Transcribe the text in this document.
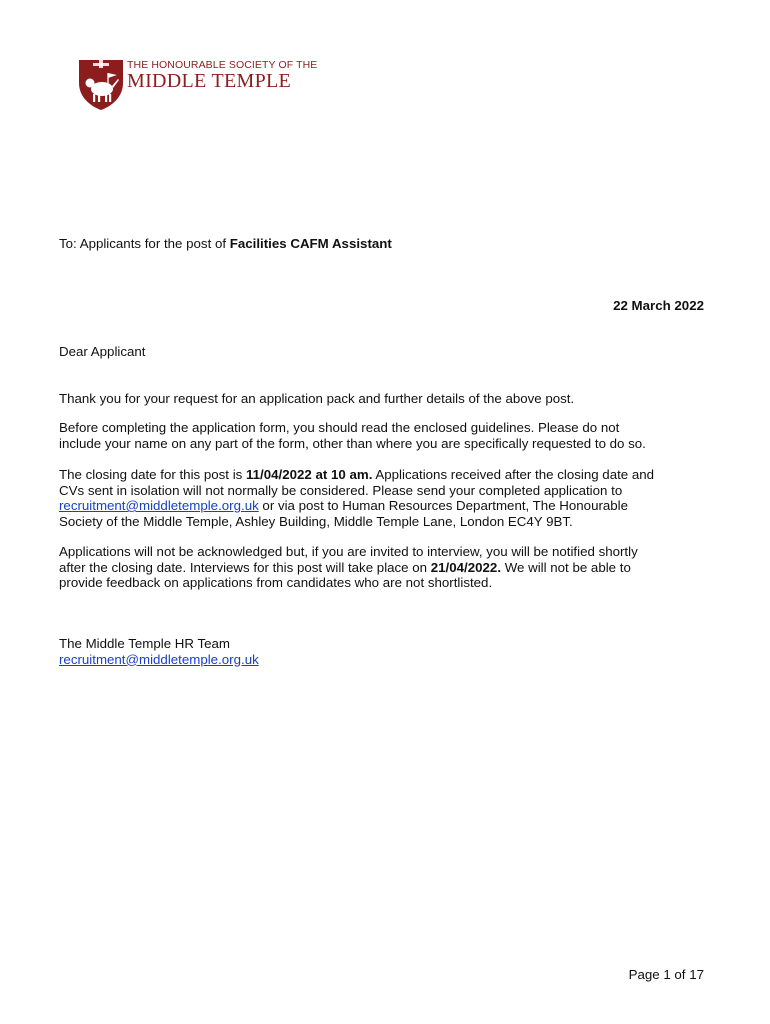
THE HONOURABLE SOCIETY OF THE
MIDDLE TEMPLE
To: Applicants for the post of Facilities CAFM Assistant
22 March 2022
Dear Applicant
Thank you for your request for an application pack and further details of the above post.

Before completing the application form, you should read the enclosed guidelines. Please do not

include your name on any part of the form, other than where you are specifically requested to do so.

The closing date for this post is 11/04/2022 at 10 am. Applications received after the closing date and

CVs sent in isolation will not normally be considered. Please send your completed application to

recruitment@middletemple.org.uk or via post to Human Resources Department, The Honourable

Society of the Middle Temple, Ashley Building, Middle Temple Lane, London EC4Y 9BT.

Applications will not be acknowledged but, if you are invited to interview, you will be notified shortly

after the closing date. Interviews for this post will take place on 21/04/2022. We will not be able to

provide feedback on applications from candidates who are not shortlisted.

The Middle Temple HR Team

recruitment@middletemple.org.uk

Page 1 of 17
